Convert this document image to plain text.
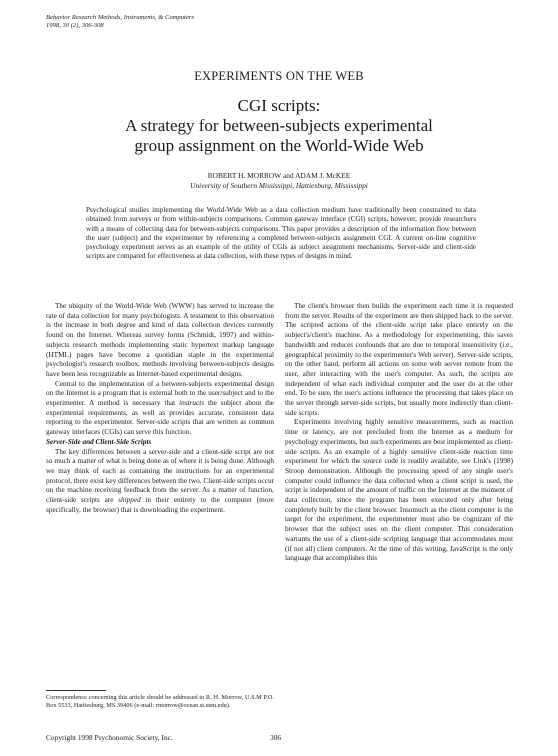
Behavior Research Methods, Instruments, & Computers
1998, 30 (2), 306-308
EXPERIMENTS ON THE WEB
CGI scripts:
A strategy for between-subjects experimental
group assignment on the World-Wide Web
ROBERT H. MORROW and ADAM J. McKEE
University of Southern Mississippi, Hattiesburg, Mississippi
Psychological studies implementing the World-Wide Web as a data collection medium have traditionally been constrained to data obtained from surveys or from within-subjects comparisons. Common gateway interface (CGI) scripts, however, provide researchers with a means of collecting data for between-subjects comparisons. This paper provides a description of the information flow between the user (subject) and the experimenter by referencing a completed between-subjects assignment CGI. A current on-line cognitive psychology experiment serves as an example of the utility of CGIs as subject assignment mechanisms. Server-side and client-side scripts are compared for effectiveness at data collection, with these types of designs in mind.

The ubiquity of the World-Wide Web (WWW) has served to increase the rate of data collection for many psychologists. A testament to this observation is the increase in both degree and kind of data collection devices currently found on the Internet. Whereas survey forms (Schmidt, 1997) and within-subjects research methods implementing static hypertext markup language (HTML) pages have become a quotidian staple in the experimental psychologist's research toolbox, methods involving between-subjects designs have been less recognizable as Internet-based experimental designs.

Central to the implementation of a between-subjects experimental design on the Internet is a program that is external both to the user/subject and to the experimenter. A method is necessary that instructs the subject about the experimental requirements, as well as provides accurate, consistent data reporting to the experimenter. Server-side scripts that are written as common gateway interfaces (CGIs) can serve this function.

Server-Side and Client-Side Scripts

The key differences between a server-side and a client-side script are not so much a matter of what is being done as of where it is being done. Although we may think of each as containing the instructions for an experimental protocol, there exist key differences between the two. Client-side scripts occur on the machine receiving feedback from the server. As a matter of function, client-side scripts are shipped in their entirety to the computer (more specifically, the browser) that is downloading the experiment.

Correspondence concerning this article should be addressed to R. H. Morrow, U.S.M P.O. Box 5533, Hattiesburg, MS 39406 (e-mail: rmorrow@ocean.st.usm.edu).

The client's browser then builds the experiment each time it is requested from the server. Results of the experiment are then shipped back to the server. The scripted actions of the client-side script take place entirely on the subject's/client's machine. As a methodology for experimenting, this saves bandwidth and reduces confounds that are due to temporal insensitivity (i.e., geographical proximity to the experimenter's Web server). Server-side scripts, on the other hand, perform all actions on some web server remote from the user, after interacting with the user's computer. As such, the scripts are independent of what each individual computer and the user do at the other end. To be sure, the user's actions influence the processing that takes place on the server through server-side scripts, but usually more indirectly than client-side scripts.

Experiments involving highly sensitive measurements, such as reaction time or latency, are not precluded from the Internet as a medium for psychology experiments, but such experiments are best implemented as client-side scripts. As an example of a highly sensitive client-side reaction time experiment for which the source code is readily available, see Link's (1998) Stroop demonstration. Although the processing speed of any single user's computer could influence the data collected when a client script is used, the script is independent of the amount of traffic on the Internet at the moment of data collection, since the program has been executed only after being completely built by the client browser. Insomuch as the client computer is the target for the experiment, the experimenter must also be cognizant of the browser that the subject uses on the client computer. This consideration warrants the use of a client-side scripting language that accommodates most (if not all) client computers. At the time of this writing, JavaScript is the only language that accomplishes this

Copyright 1998 Psychonomic Society, Inc.	306
